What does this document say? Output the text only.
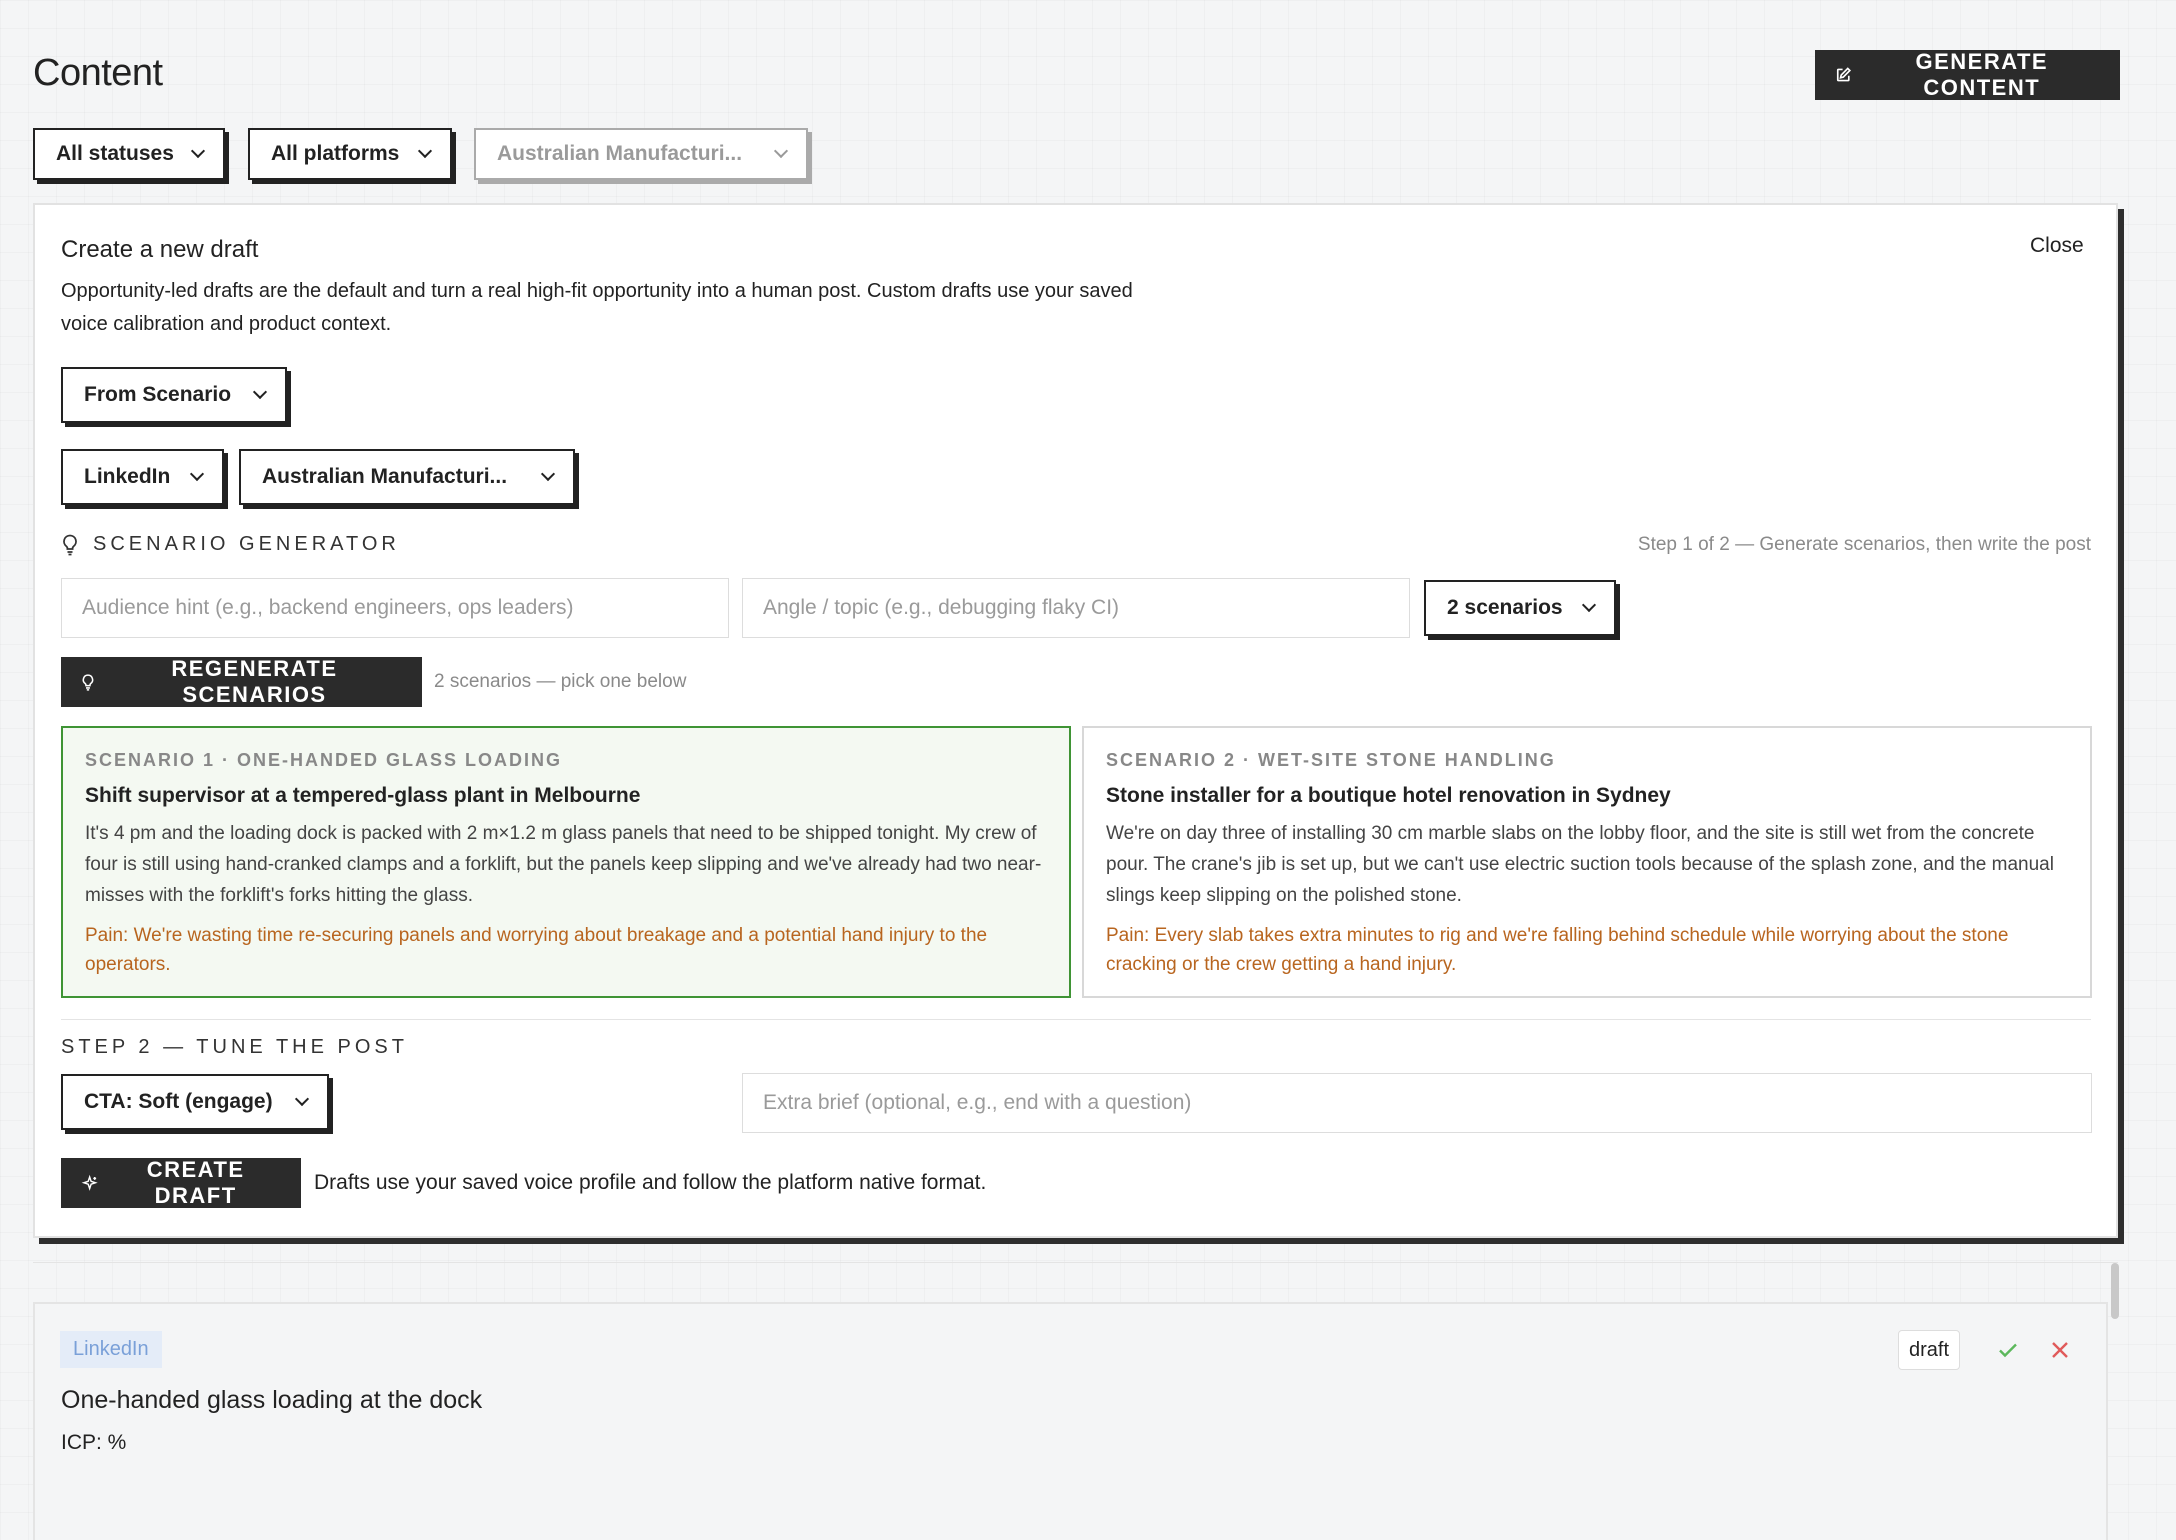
Content	GENERATE CONTENT
All statuses	All platforms	Australian Manufacturi...
Create a new draft	Close

Opportunity-led drafts are the default and turn a real high-fit opportunity into a human post. Custom drafts use your saved voice calibration and product context.

From Scenario
LinkedIn	Australian Manufacturi...
SCENARIO GENERATOR	Step 1 of 2 — Generate scenarios, then write the post
Audience hint (e.g., backend engineers, ops leaders)
Angle / topic (e.g., debugging flaky CI)
2 scenarios
REGENERATE SCENARIOS
2 scenarios — pick one below
SCENARIO 1 · ONE-HANDED GLASS LOADING
Shift supervisor at a tempered-glass plant in Melbourne
It's 4 pm and the loading dock is packed with 2 m×1.2 m glass panels that need to be shipped tonight. My crew of four is still using hand-cranked clamps and a forklift, but the panels keep slipping and we've already had two near-misses with the forklift's forks hitting the glass.
Pain: We're wasting time re-securing panels and worrying about breakage and a potential hand injury to the operators.
SCENARIO 2 · WET-SITE STONE HANDLING
Stone installer for a boutique hotel renovation in Sydney
We're on day three of installing 30 cm marble slabs on the lobby floor, and the site is still wet from the concrete pour. The crane's jib is set up, but we can't use electric suction tools because of the splash zone, and the manual slings keep slipping on the polished stone.
Pain: Every slab takes extra minutes to rig and we're falling behind schedule while worrying about the stone cracking or the crew getting a hand injury.
STEP 2 — TUNE THE POST
CTA: Soft (engage)
Extra brief (optional, e.g., end with a question)
CREATE DRAFT
Drafts use your saved voice profile and follow the platform native format.
LinkedIn
One-handed glass loading at the dock
ICP: %
draft
